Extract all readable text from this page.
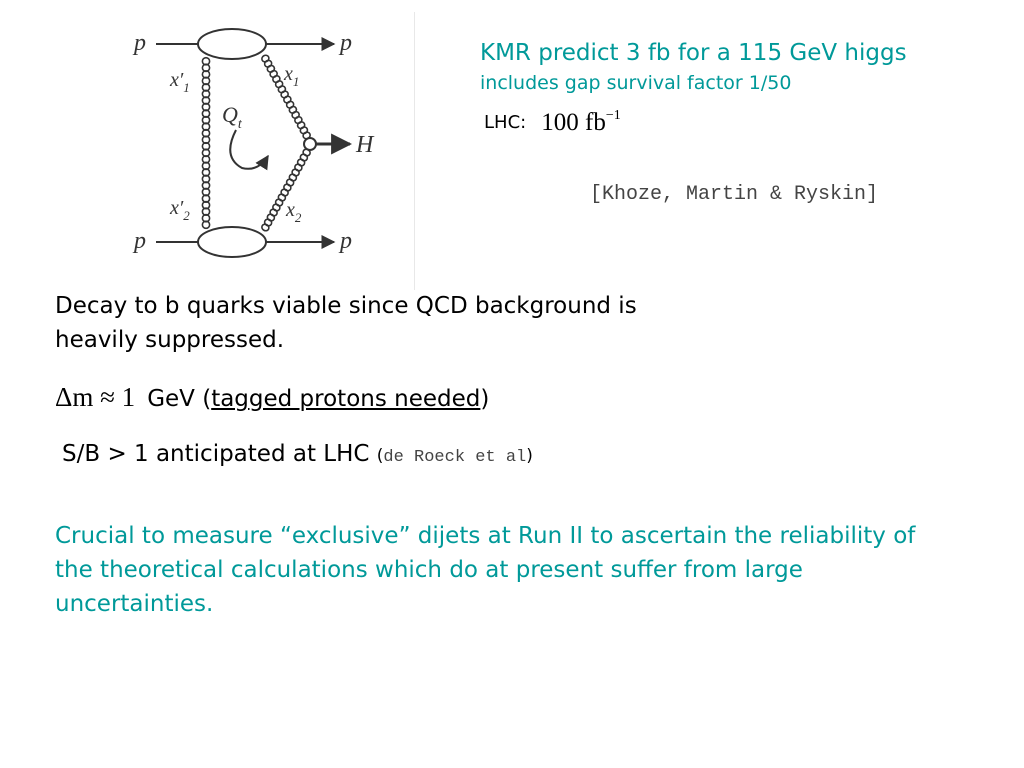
p	p
p	p
$x'_1$
$x'_2$
$x_1$
$x_2$
$Q_t$
H
KMR predict 3 fb for a 115 GeV higgs
includes gap survival factor 1/50
LHC: 100 $fb^{-1}$
[Khoze, Martin & Ryskin]
Decay to b quarks viable since QCD background is heavily suppressed.
Δm ≈ 1 GeV (tagged protons needed)
S/B > 1 anticipated at LHC (de Roeck et al)
Crucial to measure “exclusive” dijets at Run II to ascertain the reliability of the theoretical calculations which do at present suffer from large uncertainties.
